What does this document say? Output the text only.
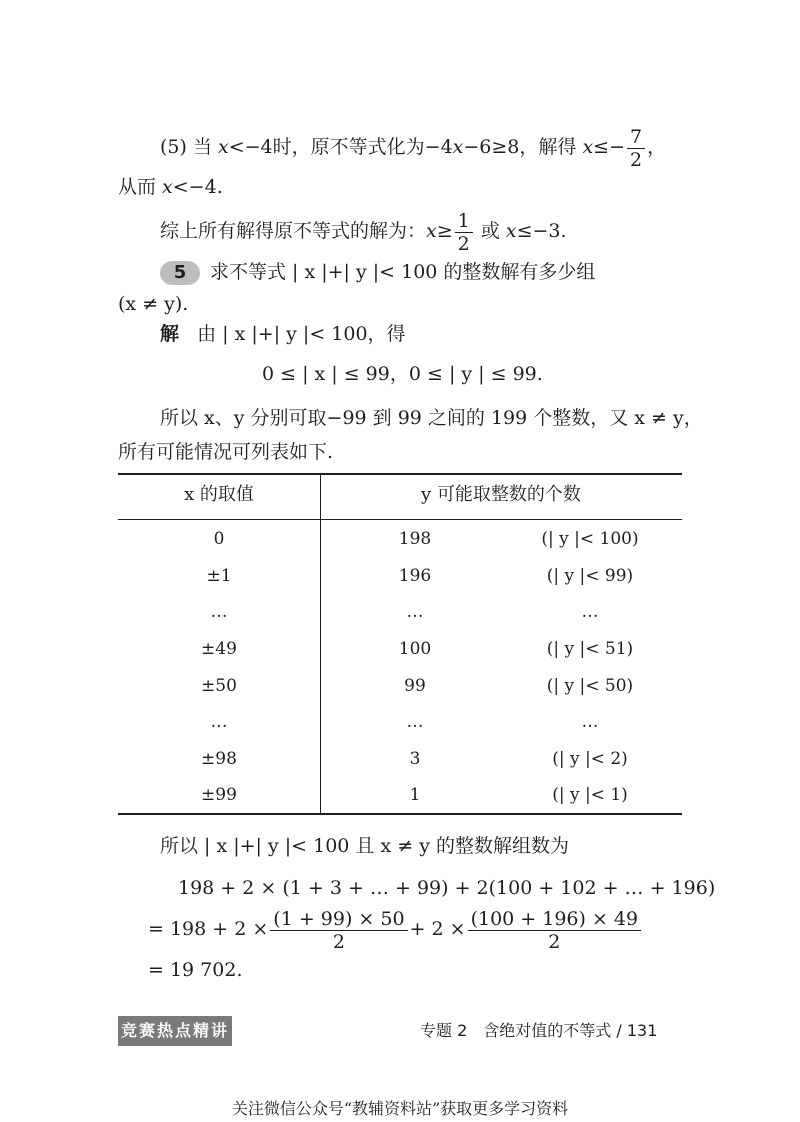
(5) 当 x<−4时，原不等式化为−4x−6≥8，解得 $x\le- \frac{7}{2}$ ，
从而 x<−4.
综上所有解得原不等式的解为：$x\ge \frac{1}{2}$ 或 x≤−3.
5 求不等式 | x |+| y |< 100 的整数解有多少组
(x ≠ y).
解 由 | x |+| y |< 100，得
0 ≤ | x | ≤ 99，0 ≤ | y | ≤ 99.
所以 x、y 分别可取−99 到 99 之间的 199 个整数，又 x ≠ y，
所有可能情况可列表如下.
x 的取值	y 可能取整数的个数
0	198	(| y |< 100)
±1	196	(| y |< 99)
…	…	…
±49	100	(| y |< 51)
±50	99	(| y |< 50)
…	…	…
±98	3	(| y |< 2)
±99	1	(| y |< 1)
所以 | x |+| y |< 100 且 x ≠ y 的整数解组数为
198 + 2 × (1 + 3 + … + 99) + 2(100 + 102 + … + 196)
= $198 + 2 \times \frac{(1 + 99) \times 50}{2} + 2 \times \frac{(100 + 196) \times 49}{2}$
= 19 702.
竞赛热点精讲	专题 2　含绝对值的不等式 / 131
关注微信公众号“教辅资料站”获取更多学习资料
